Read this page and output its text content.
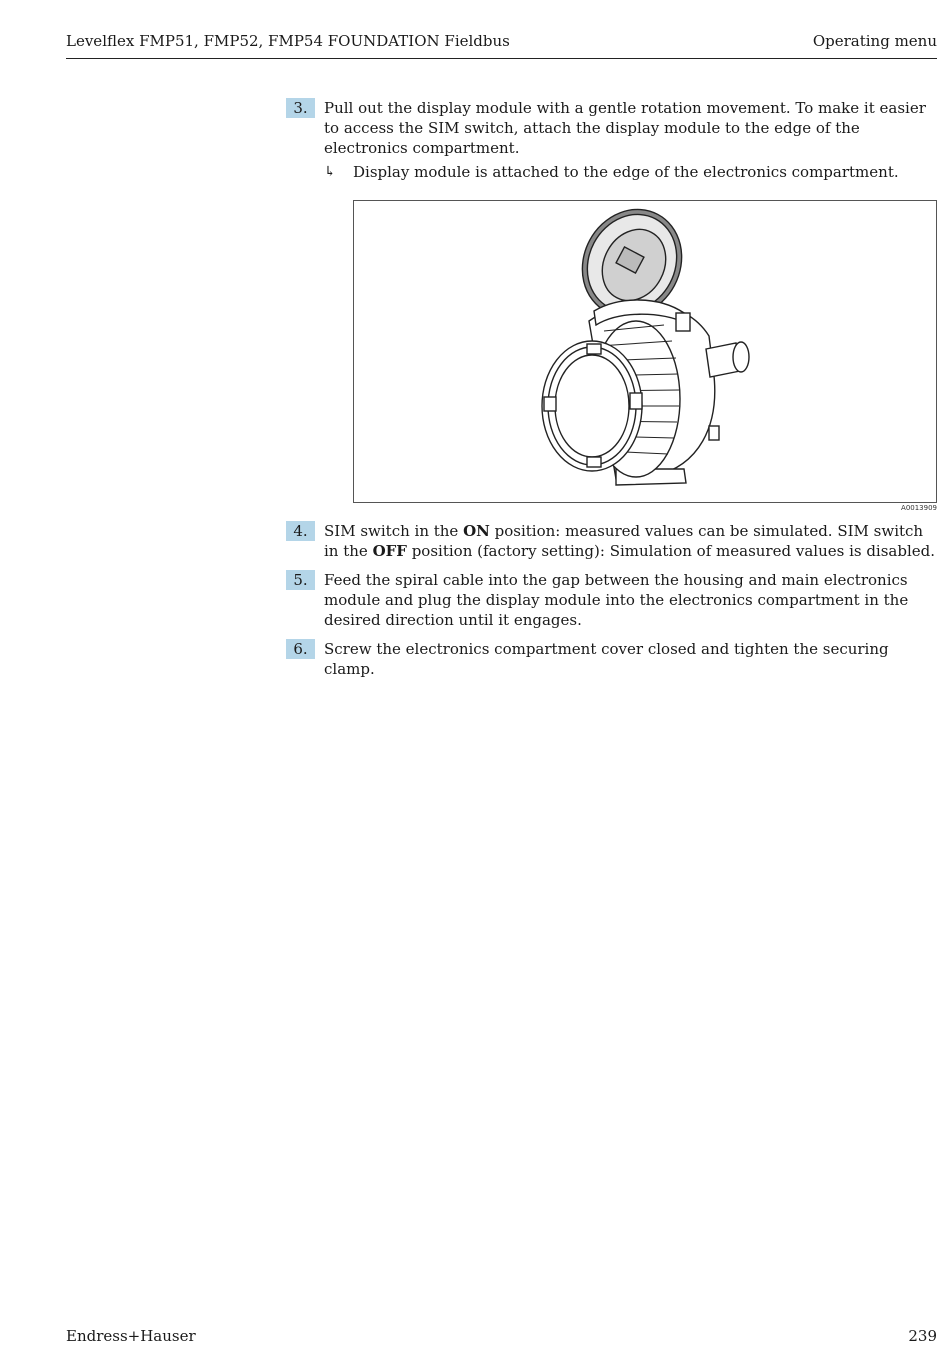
Levelflex FMP51, FMP52, FMP54 FOUNDATION Fieldbus	Operating menu
3.	Pull out the display module with a gentle rotation movement. To make it easier to access the SIM switch, attach the display module to the edge of the electronics compartment.
↳ Display module is attached to the edge of the electronics compartment.
A0013909
4.	SIM switch in the ON position: measured values can be simulated. SIM switch in the OFF position (factory setting): Simulation of measured values is disabled.
5.	Feed the spiral cable into the gap between the housing and main electronics module and plug the display module into the electronics compartment in the desired direction until it engages.
6.	Screw the electronics compartment cover closed and tighten the securing clamp.
Endress+Hauser	239
